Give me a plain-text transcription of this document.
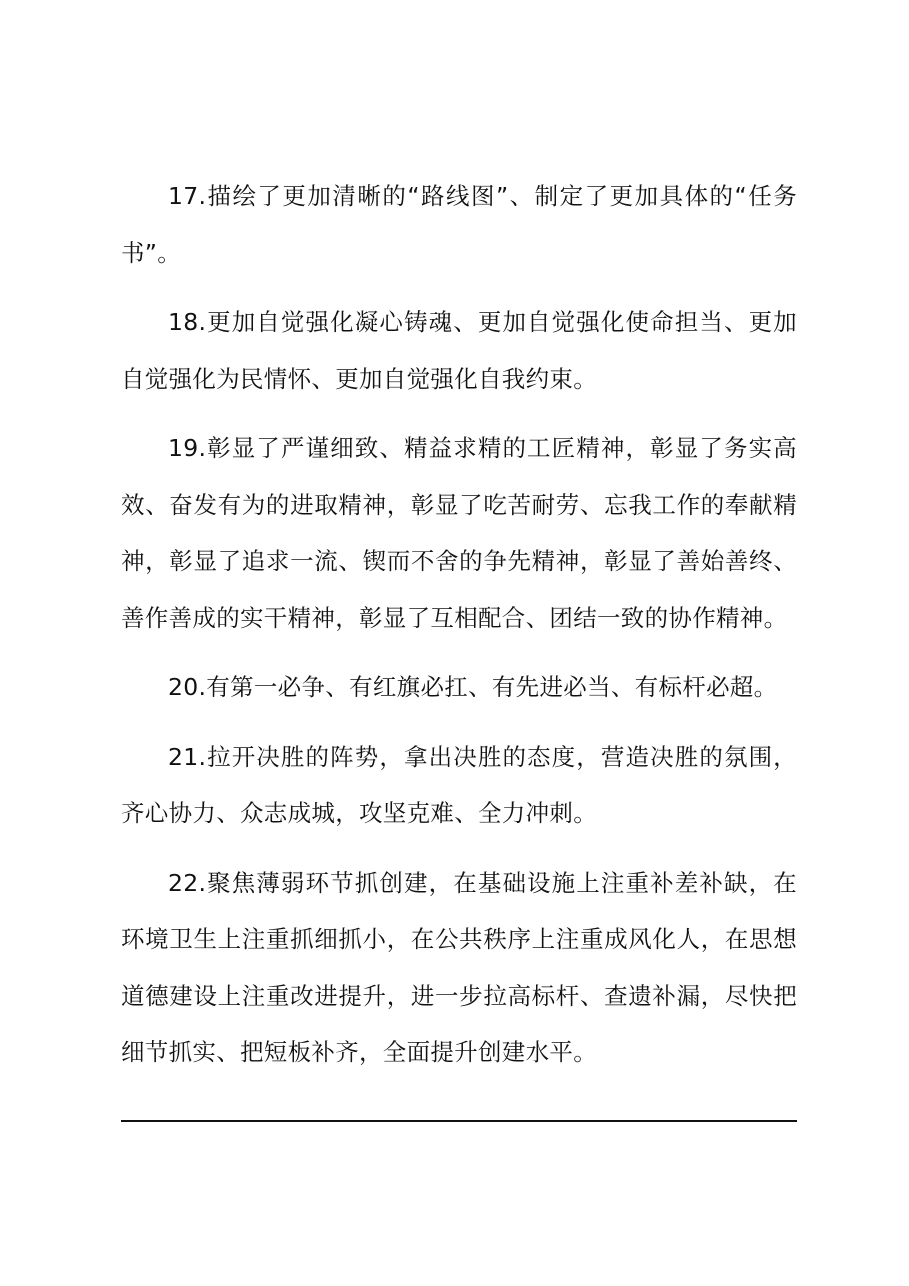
17.描绘了更加清晰的“路线图”、制定了更加具体的“任务书”。

18.更加自觉强化凝心铸魂、更加自觉强化使命担当、更加自觉强化为民情怀、更加自觉强化自我约束。

19.彰显了严谨细致、精益求精的工匠精神，彰显了务实高效、奋发有为的进取精神，彰显了吃苦耐劳、忘我工作的奉献精神，彰显了追求一流、锲而不舍的争先精神，彰显了善始善终、善作善成的实干精神，彰显了互相配合、团结一致的协作精神。

20.有第一必争、有红旗必扛、有先进必当、有标杆必超。

21.拉开决胜的阵势，拿出决胜的态度，营造决胜的氛围，齐心协力、众志成城，攻坚克难、全力冲刺。

22.聚焦薄弱环节抓创建，在基础设施上注重补差补缺，在环境卫生上注重抓细抓小，在公共秩序上注重成风化人，在思想道德建设上注重改进提升，进一步拉高标杆、查遗补漏，尽快把细节抓实、把短板补齐，全面提升创建水平。
